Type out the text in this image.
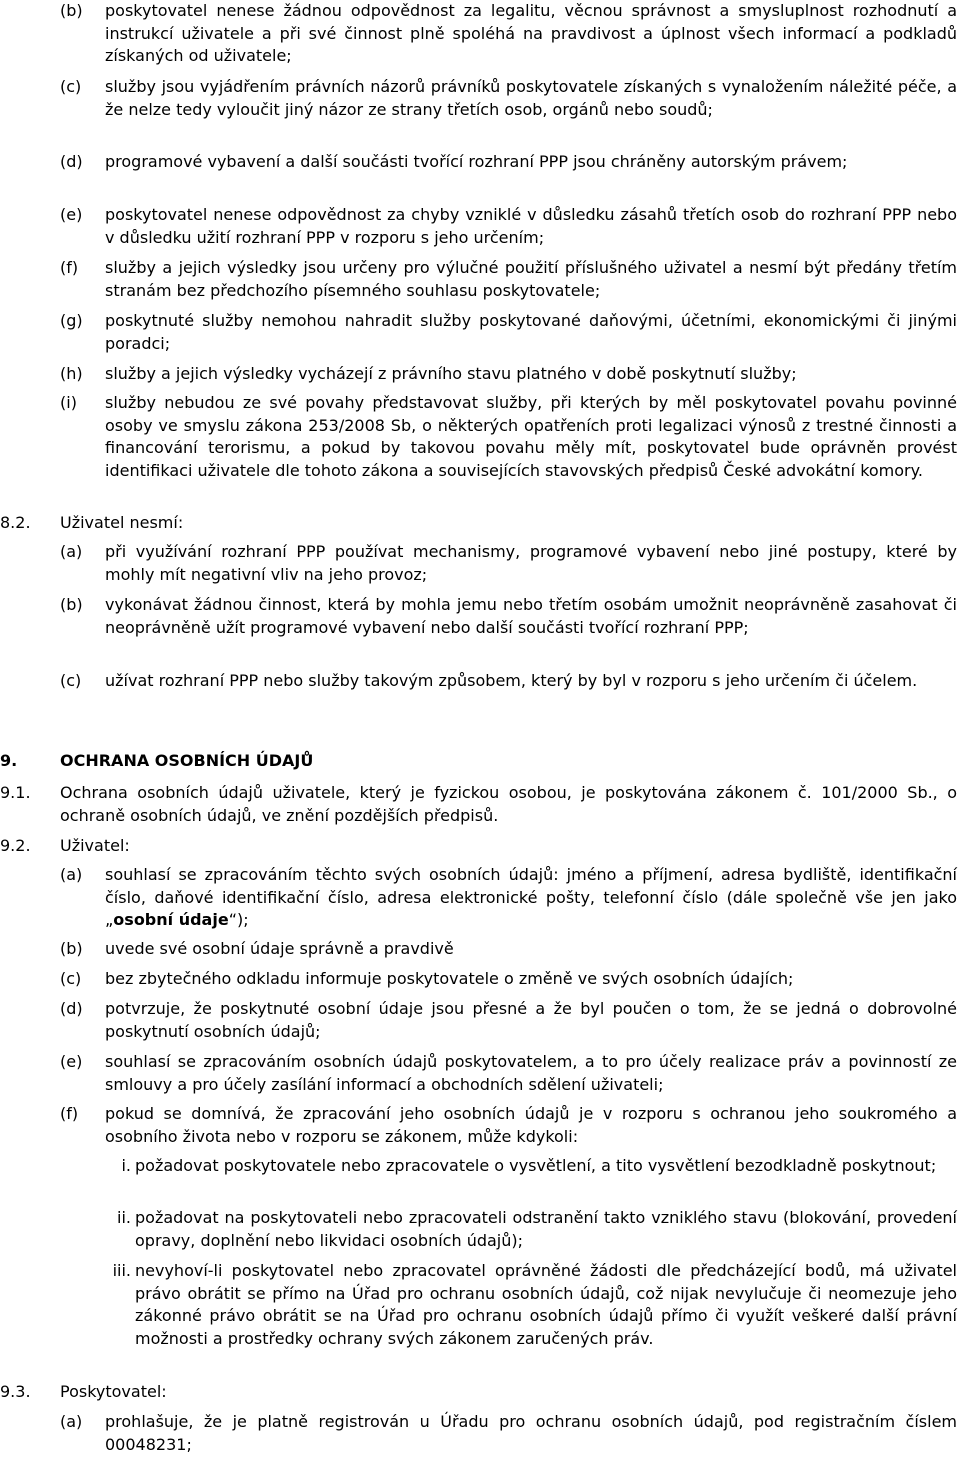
(b) poskytovatel nenese žádnou odpovědnost za legalitu, věcnou správnost a smysluplnost rozhodnutí a instrukcí uživatele a při své činnost plně spoléhá na pravdivost a úplnost všech informací a podkladů získaných od uživatele;
(c) služby jsou vyjádřením právních názorů právníků poskytovatele získaných s vynaložením náležité péče, a že nelze tedy vyloučit jiný názor ze strany třetích osob, orgánů nebo soudů;
(d) programové vybavení a další součásti tvořící rozhraní PPP jsou chráněny autorským právem;
(e) poskytovatel nenese odpovědnost za chyby vzniklé v důsledku zásahů třetích osob do rozhraní PPP nebo v důsledku užití rozhraní PPP v rozporu s jeho určením;
(f) služby a jejich výsledky jsou určeny pro výlučné použití příslušného uživatel a nesmí být předány třetím stranám bez předchozího písemného souhlasu poskytovatele;
(g) poskytnuté služby nemohou nahradit služby poskytované daňovými, účetními, ekonomickými či jinými poradci;
(h) služby a jejich výsledky vycházejí z právního stavu platného v době poskytnutí služby;
(i) služby nebudou ze své povahy představovat služby, při kterých by měl poskytovatel povahu povinné osoby ve smyslu zákona 253/2008 Sb, o některých opatřeních proti legalizaci výnosů z trestné činnosti a financování terorismu, a pokud by takovou povahu měly mít, poskytovatel bude oprávněn provést identifikaci uživatele dle tohoto zákona a souvisejících stavovských předpisů České advokátní komory.
8.2. Uživatel nesmí:
(a) při využívání rozhraní PPP používat mechanismy, programové vybavení nebo jiné postupy, které by mohly mít negativní vliv na jeho provoz;
(b) vykonávat žádnou činnost, která by mohla jemu nebo třetím osobám umožnit neoprávněně zasahovat či neoprávněně užít programové vybavení nebo další součásti tvořící rozhraní PPP;
(c) užívat rozhraní PPP nebo služby takovým způsobem, který by byl v rozporu s jeho určením či účelem.
9.	OCHRANA OSOBNÍCH ÚDAJŮ
9.1. Ochrana osobních údajů uživatele, který je fyzickou osobou, je poskytována zákonem č. 101/2000 Sb., o ochraně osobních údajů, ve znění pozdějších předpisů.
9.2. Uživatel:
(a) souhlasí se zpracováním těchto svých osobních údajů: jméno a příjmení, adresa bydliště, identifikační číslo, daňové identifikační číslo, adresa elektronické pošty, telefonní číslo (dále společně vše jen jako „osobní údaje“);
(b) uvede své osobní údaje správně a pravdivě
(c) bez zbytečného odkladu informuje poskytovatele o změně ve svých osobních údajích;
(d) potvrzuje, že poskytnuté osobní údaje jsou přesné a že byl poučen o tom, že se jedná o dobrovolné poskytnutí osobních údajů;
(e) souhlasí se zpracováním osobních údajů poskytovatelem, a to pro účely realizace práv a povinností ze smlouvy a pro účely zasílání informací a obchodních sdělení uživateli;
(f) pokud se domnívá, že zpracování jeho osobních údajů je v rozporu s ochranou jeho soukromého a osobního života nebo v rozporu se zákonem, může kdykoli:
i. požadovat poskytovatele nebo zpracovatele o vysvětlení, a tito vysvětlení bezodkladně poskytnout;
ii. požadovat na poskytovateli nebo zpracovateli odstranění takto vzniklého stavu (blokování, provedení opravy, doplnění nebo likvidaci osobních údajů);
iii. nevyhoví-li poskytovatel nebo zpracovatel oprávněné žádosti dle předcházející bodů, má uživatel právo obrátit se přímo na Úřad pro ochranu osobních údajů, což nijak nevylučuje či neomezuje jeho zákonné právo obrátit se na Úřad pro ochranu osobních údajů přímo či využít veškeré další právní možnosti a prostředky ochrany svých zákonem zaručených práv.
9.3. Poskytovatel:
(a) prohlašuje, že je platně registrován u Úřadu pro ochranu osobních údajů, pod registračním číslem 00048231;
